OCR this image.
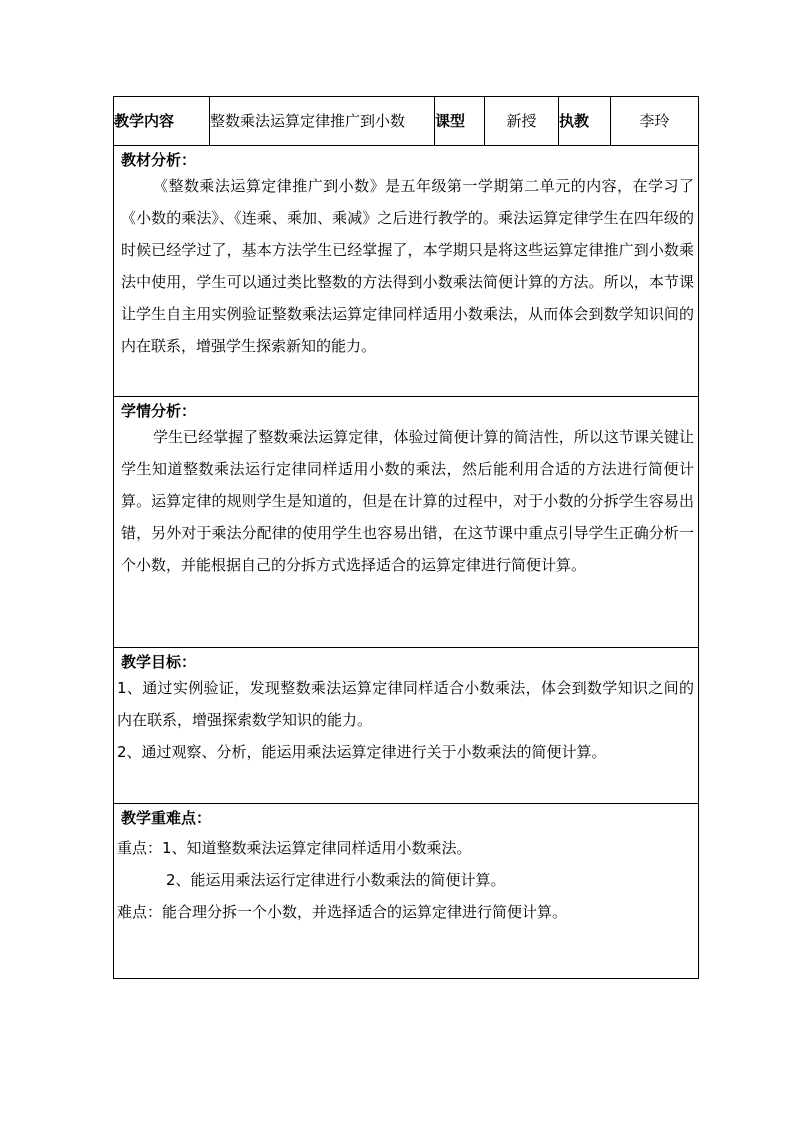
教学内容	整数乘法运算定律推广到小数	课型	新授	执教	李玲

教材分析：

《整数乘法运算定律推广到小数》是五年级第一学期第二单元的内容，在学习了《小数的乘法》、《连乘、乘加、乘减》之后进行教学的。乘法运算定律学生在四年级的时候已经学过了，基本方法学生已经掌握了，本学期只是将这些运算定律推广到小数乘法中使用，学生可以通过类比整数的方法得到小数乘法简便计算的方法。所以，本节课让学生自主用实例验证整数乘法运算定律同样适用小数乘法，从而体会到数学知识间的内在联系，增强学生探索新知的能力。

学情分析：

学生已经掌握了整数乘法运算定律，体验过简便计算的简洁性，所以这节课关键让学生知道整数乘法运行定律同样适用小数的乘法，然后能利用合适的方法进行简便计算。运算定律的规则学生是知道的，但是在计算的过程中，对于小数的分拆学生容易出错，另外对于乘法分配律的使用学生也容易出错，在这节课中重点引导学生正确分析一个小数，并能根据自己的分拆方式选择适合的运算定律进行简便计算。

教学目标：

1、通过实例验证，发现整数乘法运算定律同样适合小数乘法，体会到数学知识之间的内在联系，增强探索数学知识的能力。

2、通过观察、分析，能运用乘法运算定律进行关于小数乘法的简便计算。

教学重难点：

重点：1、知道整数乘法运算定律同样适用小数乘法。

2、能运用乘法运行定律进行小数乘法的简便计算。

难点：能合理分拆一个小数，并选择适合的运算定律进行简便计算。
